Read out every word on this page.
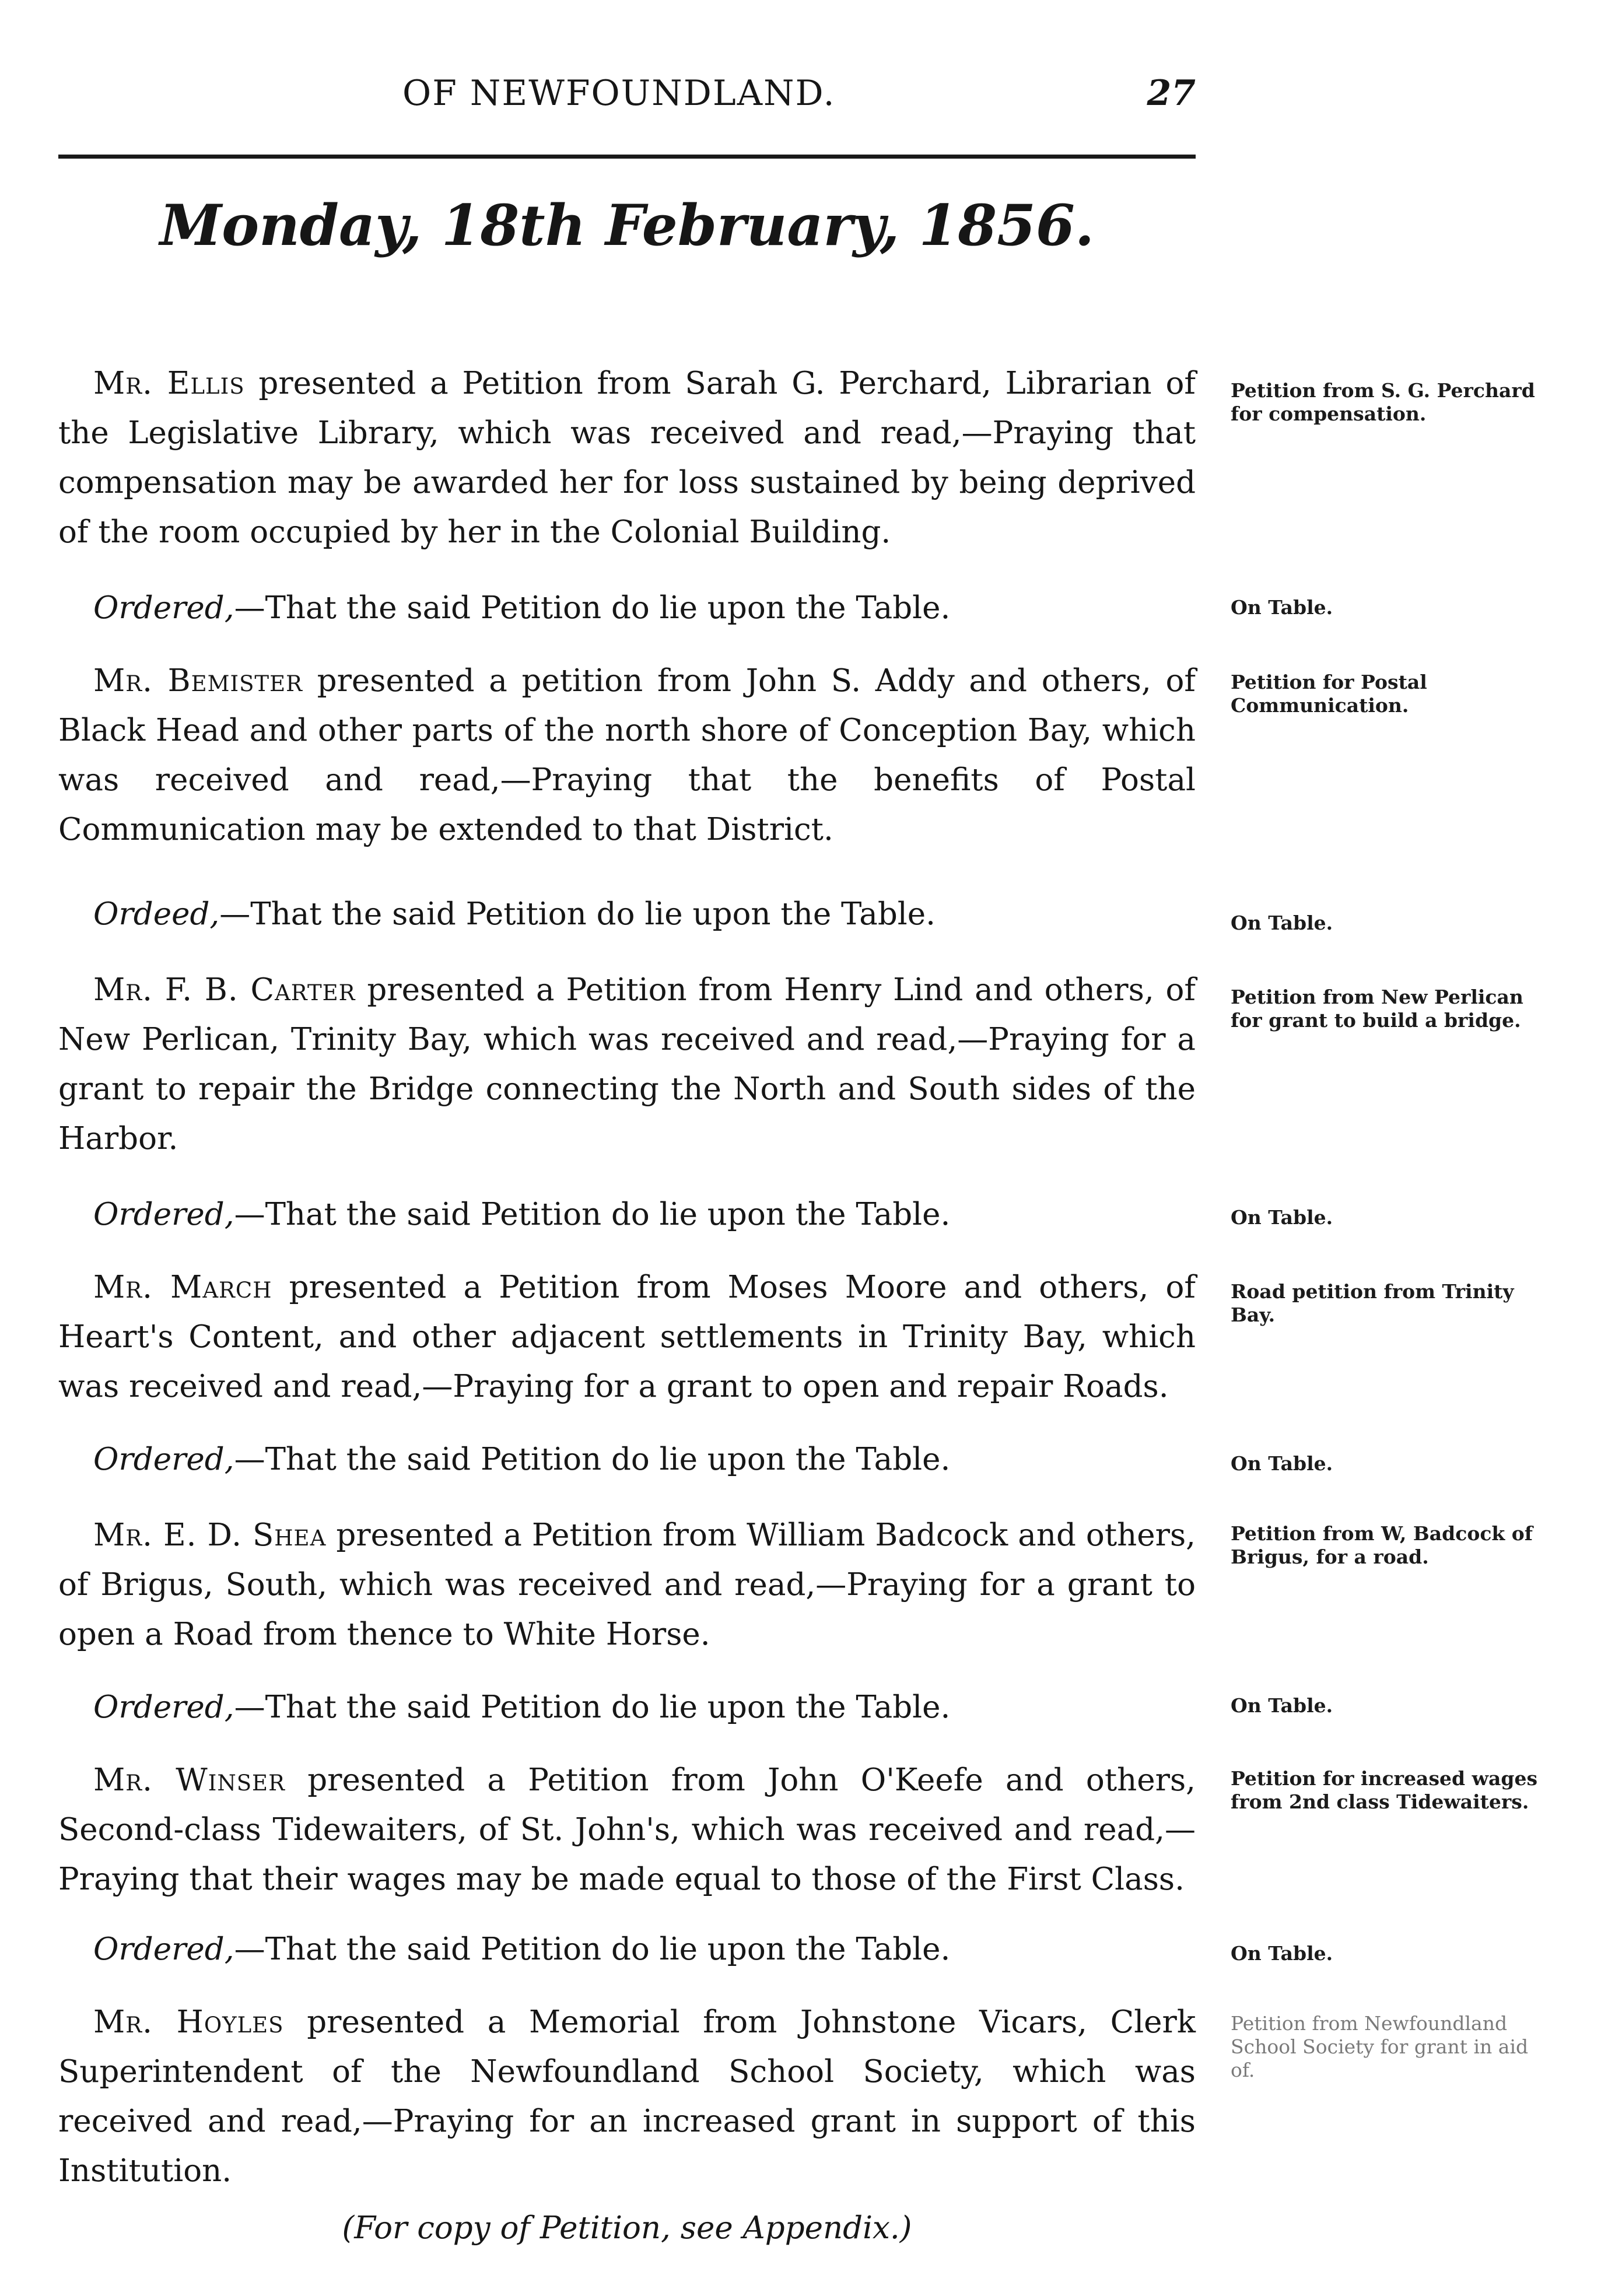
OF NEWFOUNDLAND.	27
Monday, 18th February, 1856.

Mr. Ellis presented a Petition from Sarah G. Perchard, Librarian of the Legislative Library, which was received and read,—Praying that compensation may be awarded her for loss sustained by being deprived of the room occupied by her in the Colonial Building.

Petition from S. G. Perchard for compensation.

Ordered,—That the said Petition do lie upon the Table.	On Table.

Mr. Bemister presented a petition from John S. Addy and others, of Black Head and other parts of the north shore of Conception Bay, which was received and read,—Praying that the benefits of Postal Communication may be extended to that District.

Petition for Postal Communication.

Ordeed,—That the said Petition do lie upon the Table.	On Table.

Mr. F. B. Carter presented a Petition from Henry Lind and others, of New Perlican, Trinity Bay, which was received and read,—Praying for a grant to repair the Bridge connecting the North and South sides of the Harbor.

Petition from New Perlican for grant to build a bridge.

Ordered,—That the said Petition do lie upon the Table.	On Table.

Mr. March presented a Petition from Moses Moore and others, of Heart's Content, and other adjacent settlements in Trinity Bay, which was received and read,—Praying for a grant to open and repair Roads.

Road petition from Trinity Bay.

Ordered,—That the said Petition do lie upon the Table.	On Table.

Mr. E. D. Shea presented a Petition from William Badcock and others, of Brigus, South, which was received and read,—Praying for a grant to open a Road from thence to White Horse.

Petition from W, Badcock of Brigus, for a road.

Ordered,—That the said Petition do lie upon the Table.	On Table.

Mr. Winser presented a Petition from John O'Keefe and others, Second-class Tidewaiters, of St. John's, which was received and read,—Praying that their wages may be made equal to those of the First Class.

Petition for increased wages from 2nd class Tidewaiters.

Ordered,—That the said Petition do lie upon the Table.	On Table.

Mr. Hoyles presented a Memorial from Johnstone Vicars, Clerk Superintendent of the Newfoundland School Society, which was received and read,—Praying for an increased grant in support of this Institution.

Petition from Newfoundland School Society for grant in aid of.
(For copy of Petition, see Appendix.)
